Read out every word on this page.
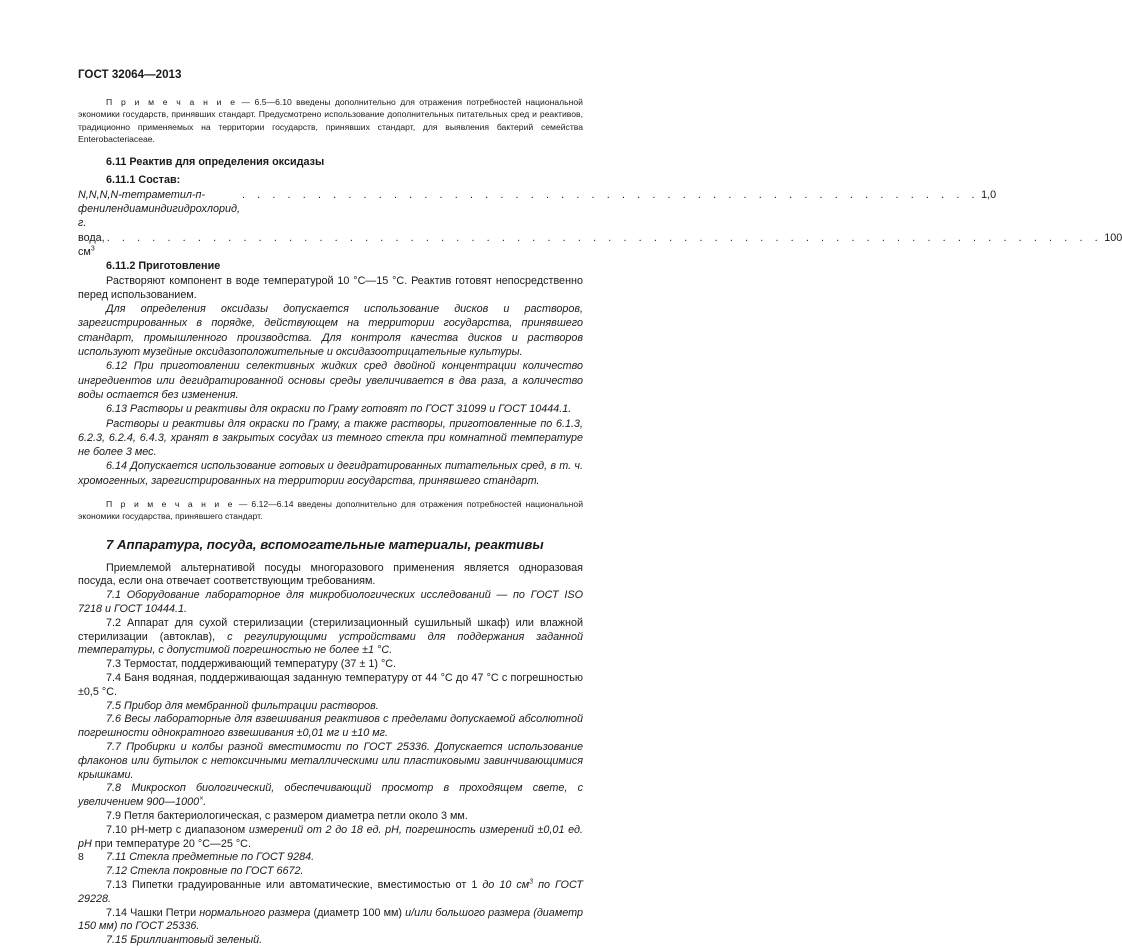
ГОСТ 32064—2013
П р и м е ч а н и е — 6.5—6.10 введены дополнительно для отражения потребностей национальной экономики государств, принявших стандарт. Предусмотрено использование дополнительных питательных сред и реактивов, традиционно применяемых на территории государств, принявших стандарт, для выявления бактерий семейства Enterobacteriaceae.
6.11 Реактив для определения оксидазы
6.11.1 Состав:
N,N,N,N-тетраметил-п-фенилендиаминдигидрохлорид, г.
. . . . . . . . . . . . . . . . . . . . . . . . . . . . . . . . . . . . . . . . . . . . . . . . . 1,0
вода, $см^3$
. . . . . . . . . . . . . . . . . . . . . . . . . . . . . . . . . . . . . . . . . . . . . . . . . . . . . . . . . . . . . . . . . . 100
6.11.2 Приготовление
Растворяют компонент в воде температурой 10 °С—15 °С. Реактив готовят непосредственно перед использованием.
Для определения оксидазы допускается использование дисков и растворов, зарегистрированных в порядке, действующем на территории государства, принявшего стандарт, промышленного производства. Для контроля качества дисков и растворов используют музейные оксидазоположительные и оксидазоотрицательные культуры.
6.12 При приготовлении селективных жидких сред двойной концентрации количество ингредиентов или дегидратированной основы среды увеличивается в два раза, а количество воды остается без изменения.
6.13 Растворы и реактивы для окраски по Граму готовят по ГОСТ 31099 и ГОСТ 10444.1.
Растворы и реактивы для окраски по Граму, а также растворы, приготовленные по 6.1.3, 6.2.3, 6.2.4, 6.4.3, хранят в закрытых сосудах из темного стекла при комнатной температуре не более 3 мес.
6.14 Допускается использование готовых и дегидратированных питательных сред, в т. ч. хромогенных, зарегистрированных на территории государства, принявшего стандарт.
П р и м е ч а н и е — 6.12—6.14 введены дополнительно для отражения потребностей национальной экономики государства, принявшего стандарт.
7 Аппаратура, посуда, вспомогательные материалы, реактивы
Приемлемой альтернативой посуды многоразового применения является одноразовая посуда, если она отвечает соответствующим требованиям.
7.1 Оборудование лабораторное для микробиологических исследований — по ГОСТ ISO 7218 и ГОСТ 10444.1.
7.2 Аппарат для сухой стерилизации (стерилизационный сушильный шкаф) или влажной стерилизации (автоклав), с регулирующими устройствами для поддержания заданной температуры, с допустимой погрешностью не более ±1 °С.
7.3 Термостат, поддерживающий температуру (37 ± 1) °С.
7.4 Баня водяная, поддерживающая заданную температуру от 44 °С до 47 °С с погрешностью ±0,5 °С.
7.5 Прибор для мембранной фильтрации растворов.
7.6 Весы лабораторные для взвешивания реактивов с пределами допускаемой абсолютной погрешности однократного взвешивания ±0,01 мг и ±10 мг.
7.7 Пробирки и колбы разной вместимости по ГОСТ 25336. Допускается использование флаконов или бутылок с нетоксичными металлическими или пластиковыми завинчивающимися крышками.
7.8 Микроскоп биологический, обеспечивающий просмотр в проходящем свете, с увеличением 900—1000×.
7.9 Петля бактериологическая, с размером диаметра петли около 3 мм.
7.10 pH-метр с диапазоном измерений от 2 до 18 ед. pH, погрешность измерений ±0,01 ед. pH при температуре 20 °С—25 °С.
7.11 Стекла предметные по ГОСТ 9284.
7.12 Стекла покровные по ГОСТ 6672.
7.13 Пипетки градуированные или автоматические, вместимостью от 1 до 10 $см^3$ по ГОСТ 29228.
7.14 Чашки Петри нормального размера (диаметр 100 мм) и/или большого размера (диаметр 150 мм) по ГОСТ 25336.
7.15 Бриллиантовый зеленый.
8
